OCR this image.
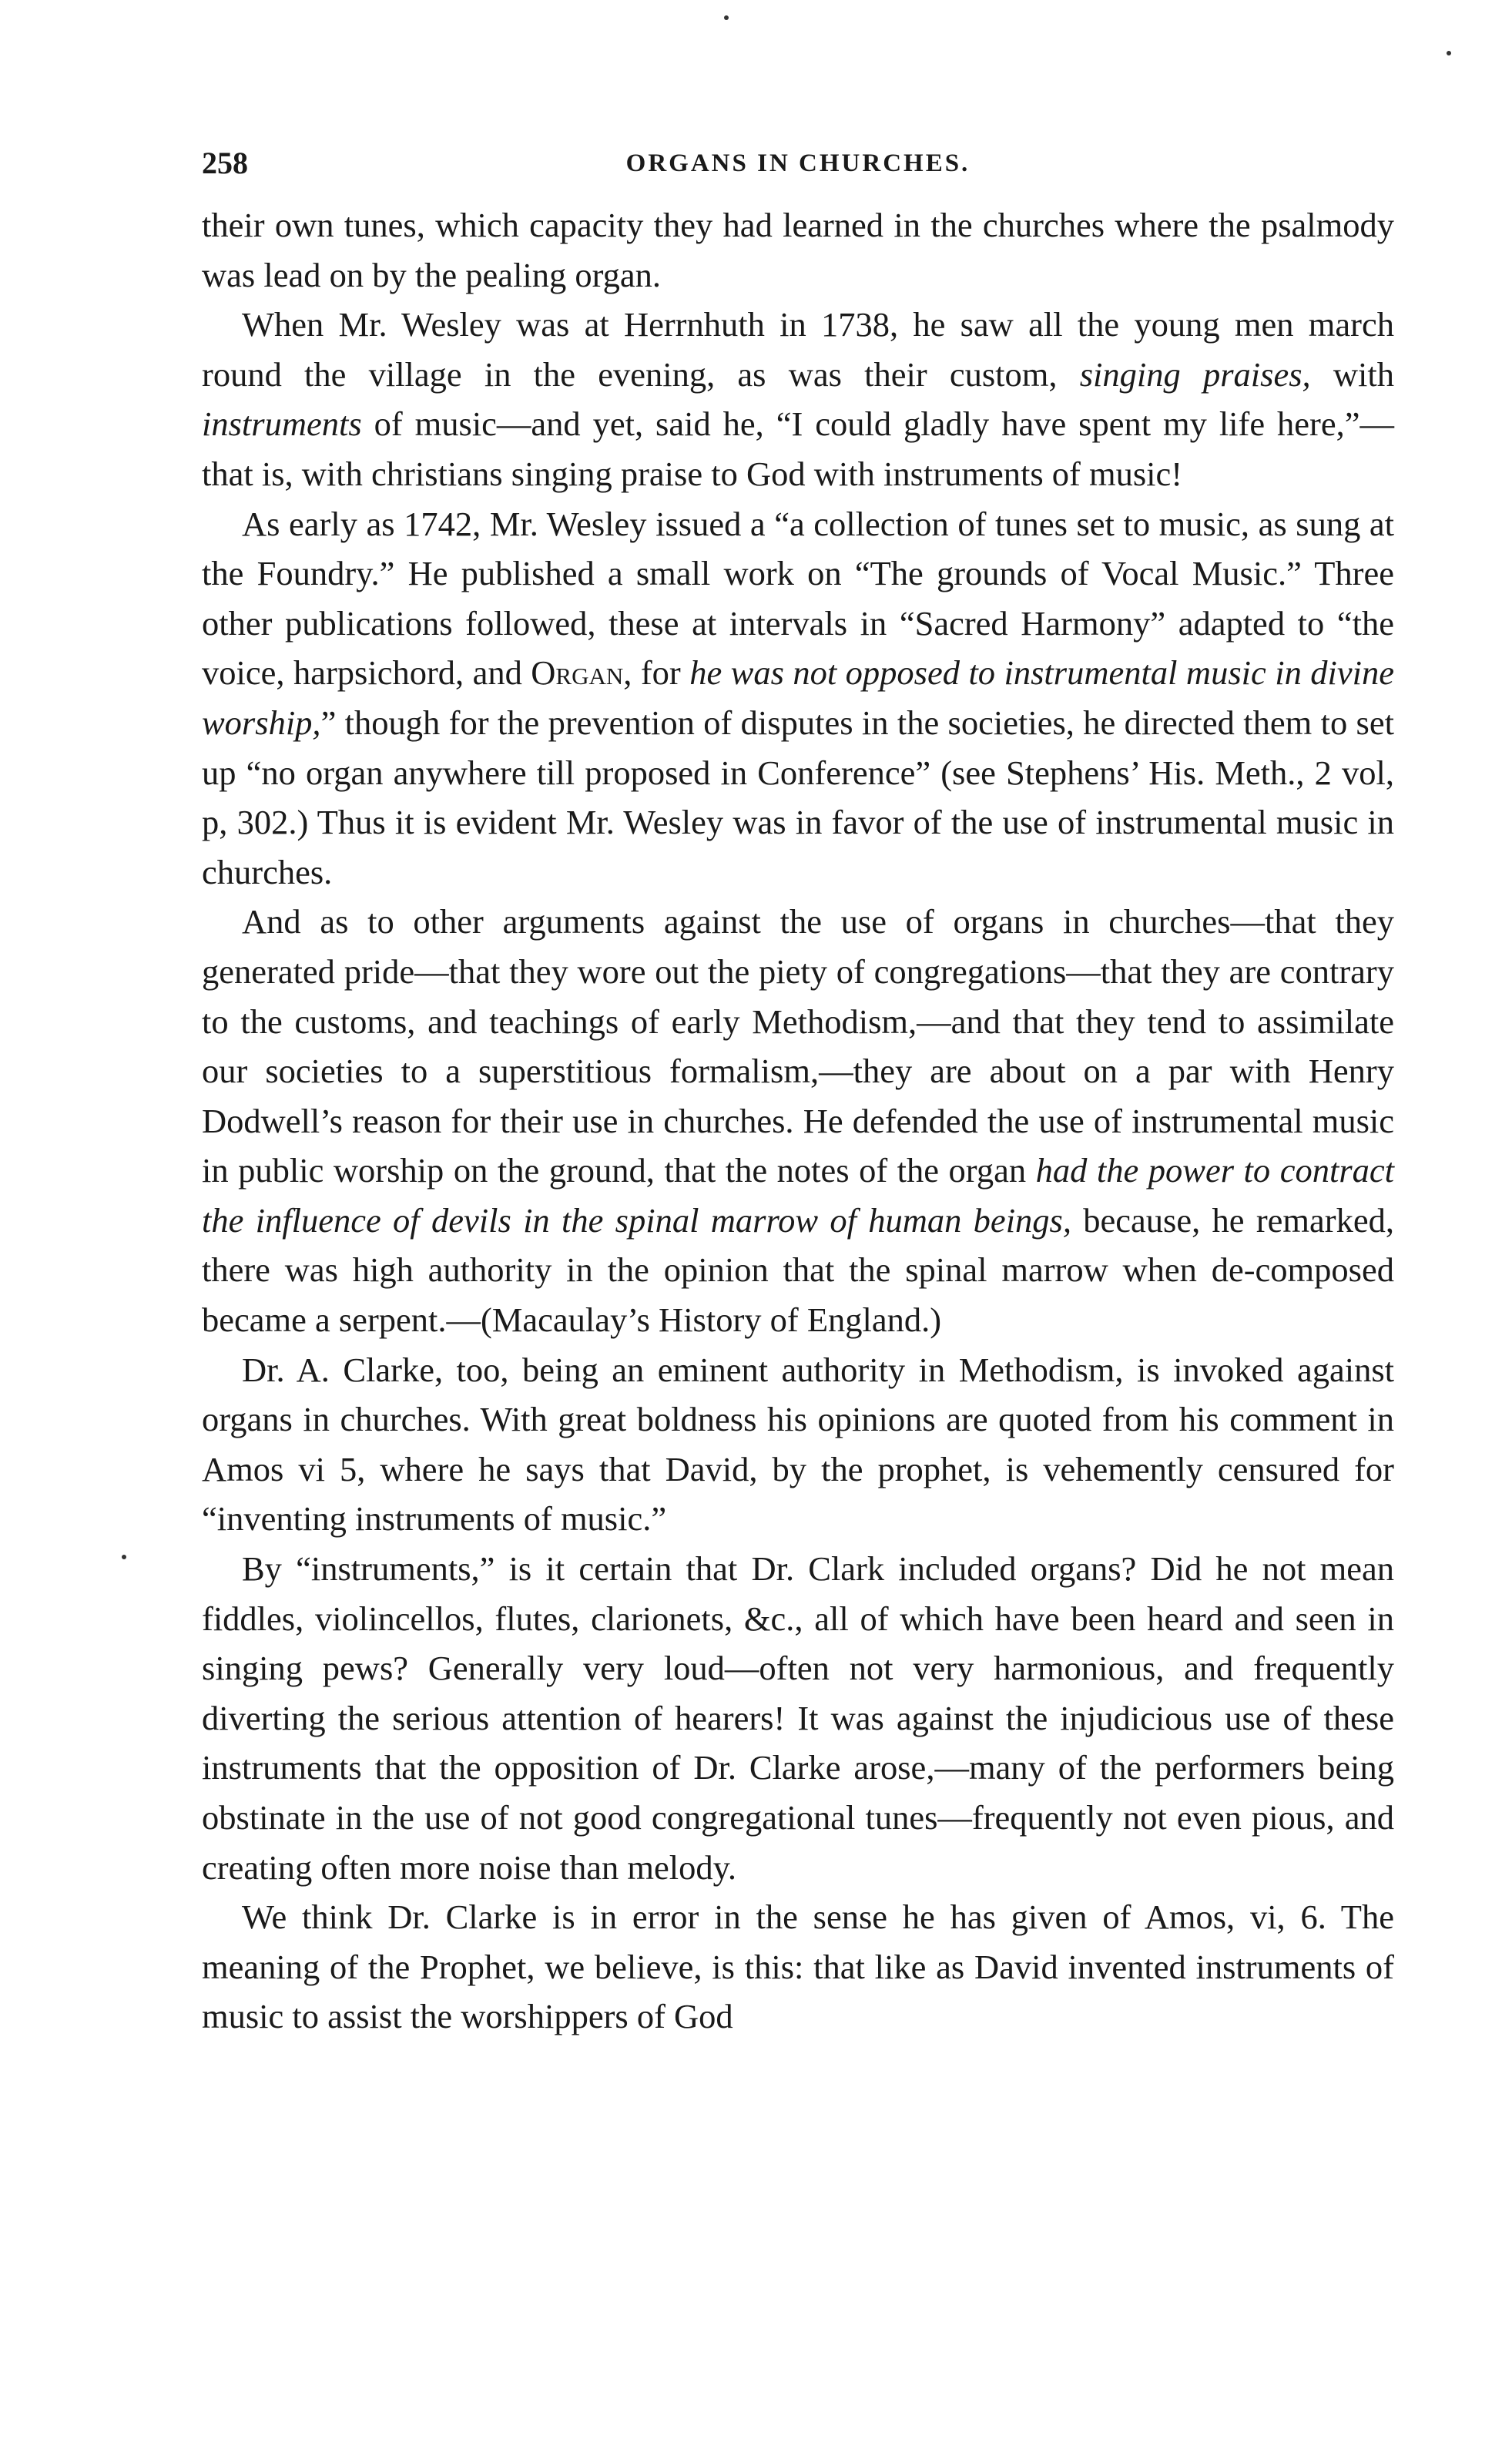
258	ORGANS IN CHURCHES.

their own tunes, which capacity they had learned in the churches where the psalmody was lead on by the pealing organ.

When Mr. Wesley was at Herrnhuth in 1738, he saw all the young men march round the village in the evening, as was their custom, singing praises, with instruments of music—and yet, said he, “I could gladly have spent my life here,”—that is, with christians singing praise to God with instruments of music!

As early as 1742, Mr. Wesley issued a “a collection of tunes set to music, as sung at the Foundry.” He published a small work on “The grounds of Vocal Music.” Three other publications followed, these at intervals in “Sacred Harmony” adapted to “the voice, harpsichord, and Organ, for he was not opposed to instrumental music in divine worship,” though for the prevention of disputes in the societies, he directed them to set up “no organ anywhere till proposed in Conference” (see Stephens’ His. Meth., 2 vol, p, 302.) Thus it is evident Mr. Wesley was in favor of the use of instrumental music in churches.

And as to other arguments against the use of organs in churches—that they generated pride—that they wore out the piety of congregations—that they are contrary to the customs, and teachings of early Methodism,—and that they tend to assimilate our societies to a superstitious formalism,—they are about on a par with Henry Dodwell’s reason for their use in churches. He defended the use of instrumental music in public worship on the ground, that the notes of the organ had the power to contract the influence of devils in the spinal marrow of human beings, because, he remarked, there was high authority in the opinion that the spinal marrow when de-composed became a serpent.—(Macaulay’s History of England.)

Dr. A. Clarke, too, being an eminent authority in Methodism, is invoked against organs in churches. With great boldness his opinions are quoted from his comment in Amos vi 5, where he says that David, by the prophet, is vehemently censured for “inventing instruments of music.”

By “instruments,” is it certain that Dr. Clark included organs? Did he not mean fiddles, violincellos, flutes, clarionets, &c., all of which have been heard and seen in singing pews? Generally very loud—often not very harmonious, and frequently diverting the serious attention of hearers! It was against the injudicious use of these instruments that the opposition of Dr. Clarke arose,—many of the performers being obstinate in the use of not good congregational tunes—frequently not even pious, and creating often more noise than melody.

We think Dr. Clarke is in error in the sense he has given of Amos, vi, 6. The meaning of the Prophet, we believe, is this: that like as David invented instruments of music to assist the worshippers of God
